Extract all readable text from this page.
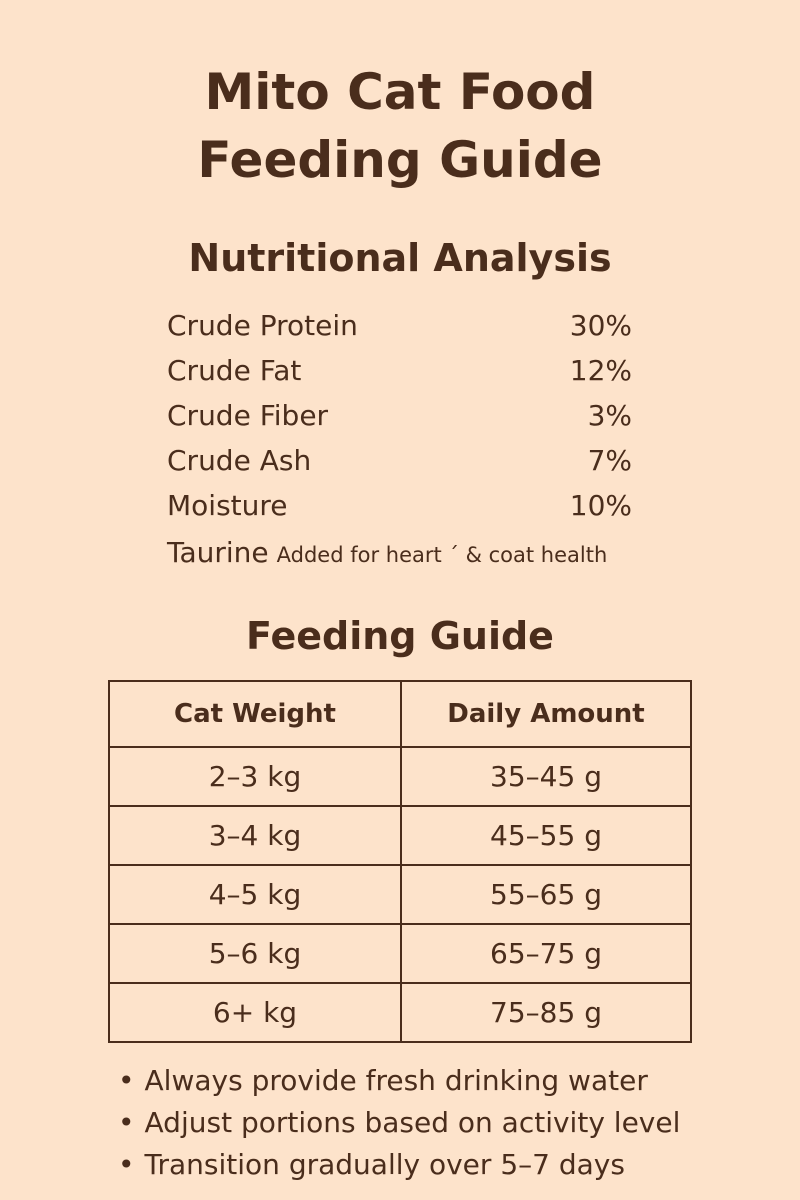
Mito Cat Food
Feeding Guide
Nutritional Analysis
Crude Protein	30%
Crude Fat	12%
Crude Fiber	3%
Crude Ash	7%
Moisture	10%
Taurine Added for heart ´ & coat health
Feeding Guide
Cat Weight	Daily Amount
2–3 kg	35–45 g
3–4 kg	45–55 g
4–5 kg	55–65 g
5–6 kg	65–75 g
6+ kg	75–85 g
• Always provide fresh drinking water
• Adjust portions based on activity level
• Transition gradually over 5–7 days
